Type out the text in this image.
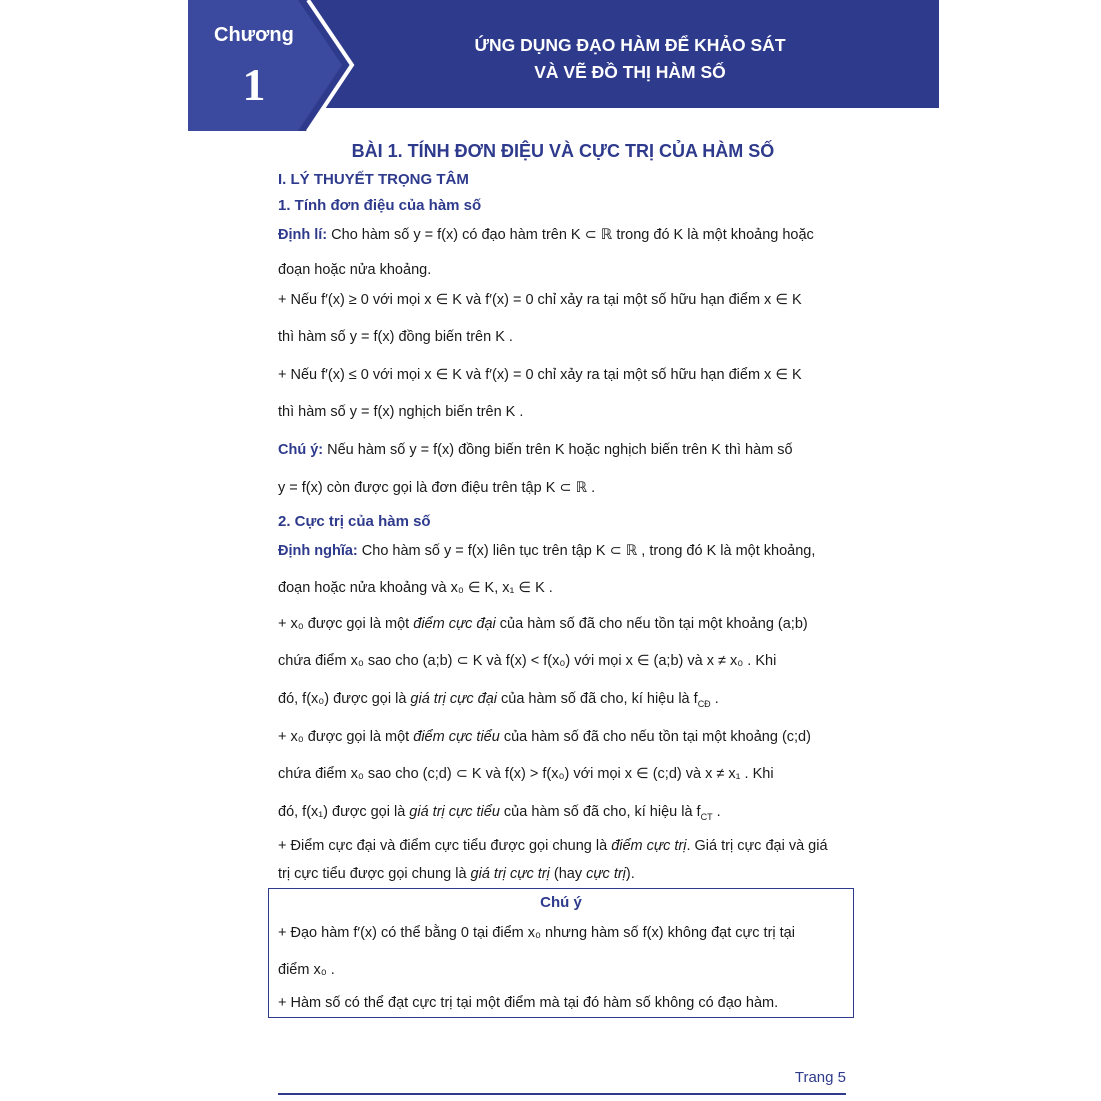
Chương
1
ỨNG DỤNG ĐẠO HÀM ĐỂ KHẢO SÁT
VÀ VẼ ĐỒ THỊ HÀM SỐ
BÀI 1. TÍNH ĐƠN ĐIỆU VÀ CỰC TRỊ CỦA HÀM SỐ
I. LÝ THUYẾT TRỌNG TÂM
1. Tính đơn điệu của hàm số
Định lí: Cho hàm số y = f(x) có đạo hàm trên K ⊂ ℝ trong đó K là một khoảng hoặc
đoạn hoặc nửa khoảng.
+ Nếu f′(x) ≥ 0 với mọi x ∈ K và f′(x) = 0 chỉ xảy ra tại một số hữu hạn điểm x ∈ K
thì hàm số y = f(x) đồng biến trên K .
+ Nếu f′(x) ≤ 0 với mọi x ∈ K và f′(x) = 0 chỉ xảy ra tại một số hữu hạn điểm x ∈ K
thì hàm số y = f(x) nghịch biến trên K .
Chú ý: Nếu hàm số y = f(x) đồng biến trên K hoặc nghịch biến trên K thì hàm số
y = f(x) còn được gọi là đơn điệu trên tập K ⊂ ℝ .
2. Cực trị của hàm số
Định nghĩa: Cho hàm số y = f(x) liên tục trên tập K ⊂ ℝ , trong đó K là một khoảng,
đoạn hoặc nửa khoảng và x₀ ∈ K, x₁ ∈ K .
+ x₀ được gọi là một điểm cực đại của hàm số đã cho nếu tồn tại một khoảng (a;b)
chứa điểm x₀ sao cho (a;b) ⊂ K và f(x) < f(x₀) với mọi x ∈ (a;b) và x ≠ x₀ . Khi
đó, f(x₀) được gọi là giá trị cực đại của hàm số đã cho, kí hiệu là $f_{CĐ}$ .
+ x₀ được gọi là một điểm cực tiểu của hàm số đã cho nếu tồn tại một khoảng (c;d)
chứa điểm x₀ sao cho (c;d) ⊂ K và f(x) > f(x₀) với mọi x ∈ (c;d) và x ≠ x₁ . Khi
đó, f(x₁) được gọi là giá trị cực tiểu của hàm số đã cho, kí hiệu là $f_{CT}$ .
+ Điểm cực đại và điểm cực tiểu được gọi chung là điểm cực trị. Giá trị cực đại và giá
trị cực tiểu được gọi chung là giá trị cực trị (hay cực trị).
Chú ý
+ Đạo hàm f′(x) có thể bằng 0 tại điểm x₀ nhưng hàm số f(x) không đạt cực trị tại
điểm x₀ .
+ Hàm số có thể đạt cực trị tại một điểm mà tại đó hàm số không có đạo hàm.
Trang 5
